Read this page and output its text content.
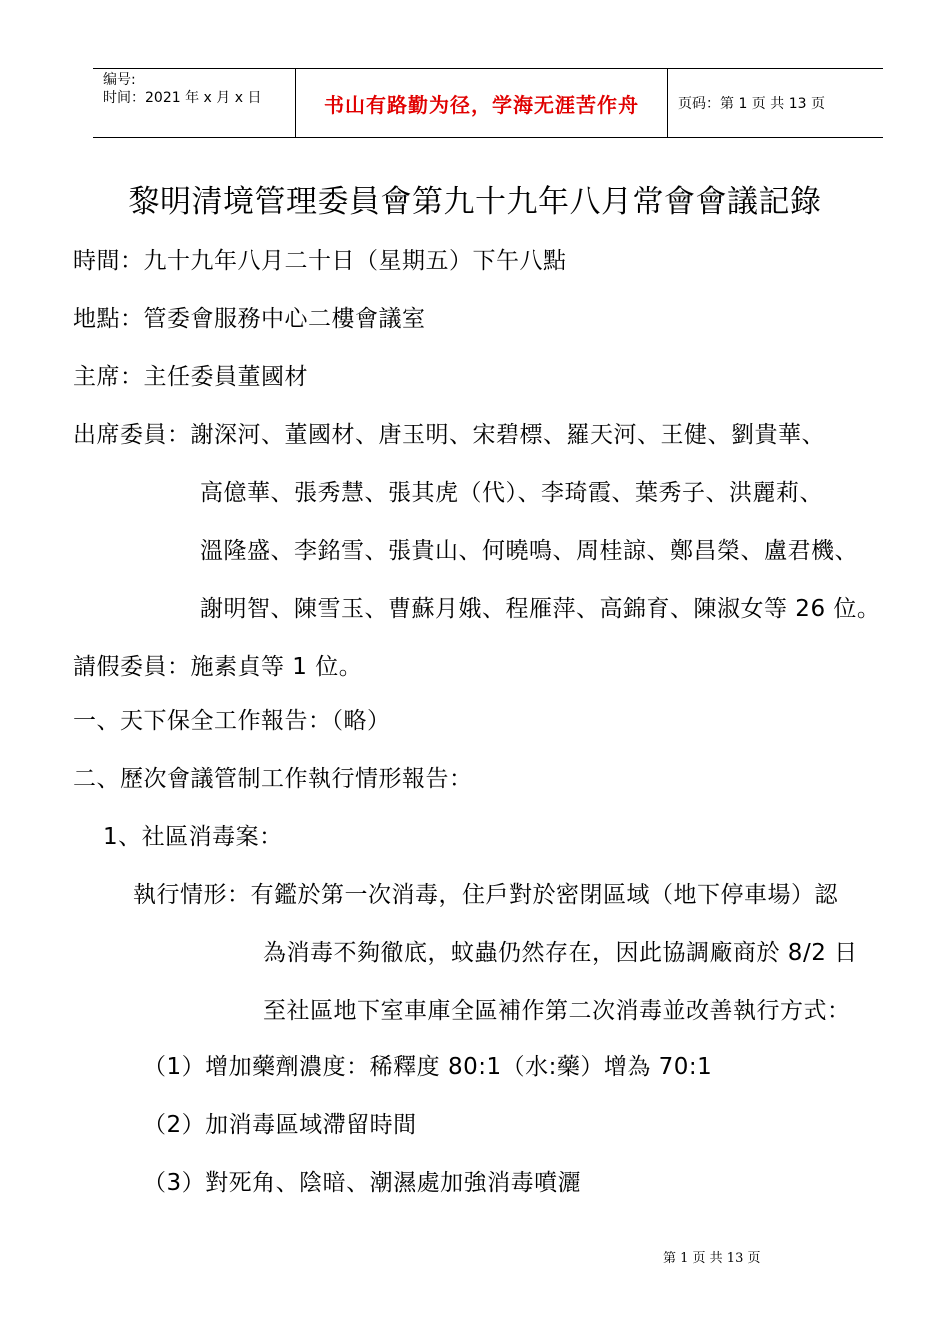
编号:
时间：2021 年 x 月 x 日	书山有路勤为径，学海无涯苦作舟	页码：第 1 页 共 13 页
黎明清境管理委員會第九十九年八月常會會議記錄
時間：九十九年八月二十日（星期五）下午八點
地點：管委會服務中心二樓會議室
主席：主任委員董國材
出席委員：謝深河、董國材、唐玉明、宋碧標、羅天河、王健、劉貴華、
高億華、張秀慧、張其虎（代）、李琦霞、葉秀子、洪麗莉、
溫隆盛、李銘雪、張貴山、何曉鳴、周桂諒、鄭昌榮、盧君機、
謝明智、陳雪玉、曹蘇月娥、程雁萍、高錦育、陳淑女等 26 位。
請假委員：施素貞等 1 位。
一、天下保全工作報告：（略）
二、歷次會議管制工作執行情形報告：
1、社區消毒案：
執行情形：有鑑於第一次消毒，住戶對於密閉區域（地下停車場）認
為消毒不夠徹底，蚊蟲仍然存在，因此協調廠商於 8/2 日
至社區地下室車庫全區補作第二次消毒並改善執行方式：
（1）增加藥劑濃度：稀釋度 80:1（水:藥）增為 70:1
（2）加消毒區域滯留時間
（3）對死角、陰暗、潮濕處加強消毒噴灑
第 1 页 共 13 页
